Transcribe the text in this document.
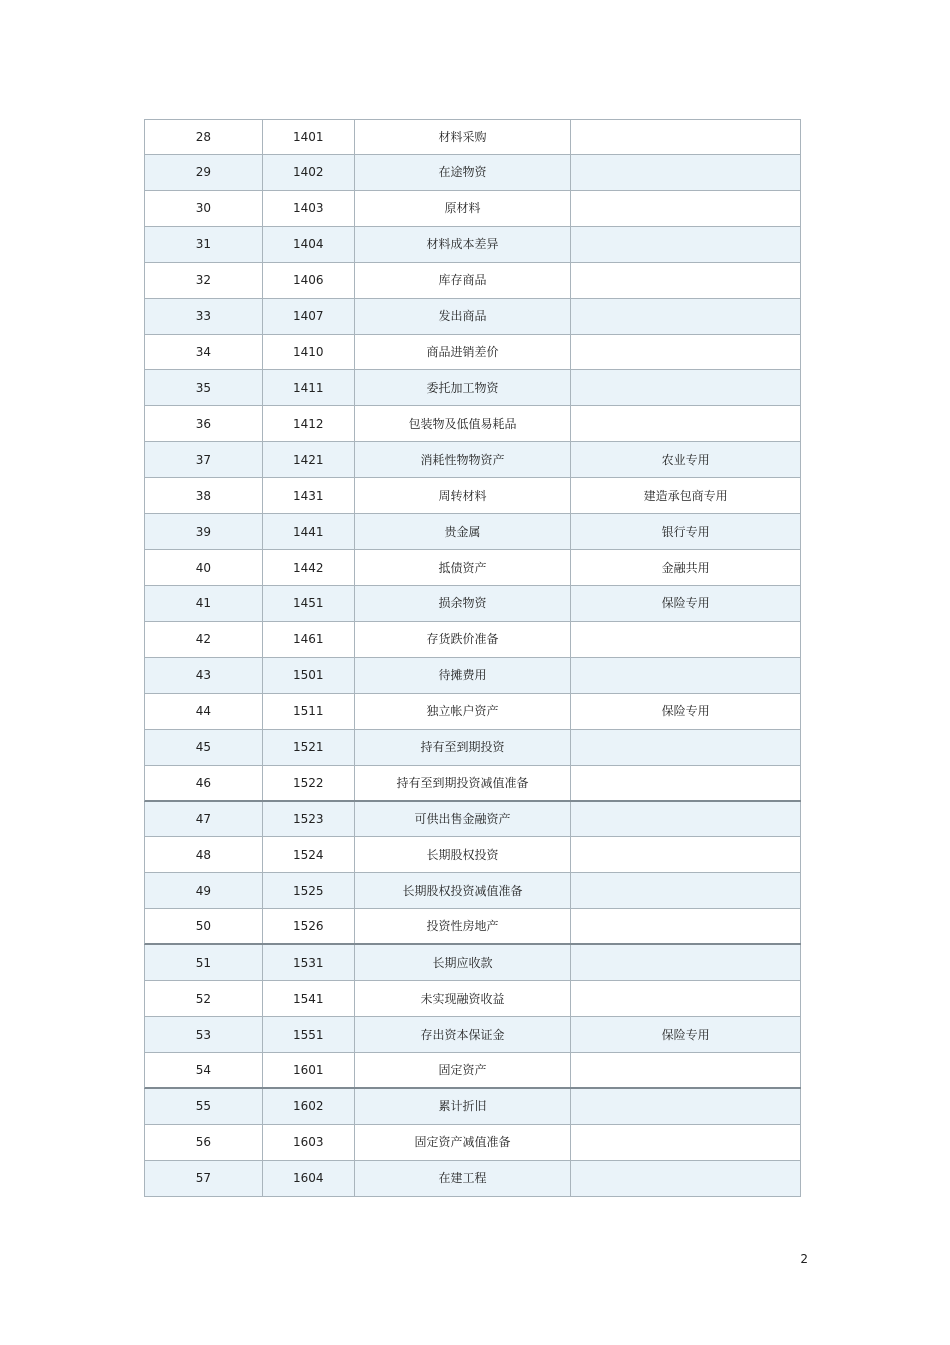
28	1401	材料采购
29	1402	在途物资
30	1403	原材料
31	1404	材料成本差异
32	1406	库存商品
33	1407	发出商品
34	1410	商品进销差价
35	1411	委托加工物资
36	1412	包装物及低值易耗品
37	1421	消耗性物物资产	农业专用
38	1431	周转材料	建造承包商专用
39	1441	贵金属	银行专用
40	1442	抵债资产	金融共用
41	1451	损余物资	保险专用
42	1461	存货跌价准备
43	1501	待摊费用
44	1511	独立帐户资产	保险专用
45	1521	持有至到期投资
46	1522	持有至到期投资减值准备
47	1523	可供出售金融资产
48	1524	长期股权投资
49	1525	长期股权投资减值准备
50	1526	投资性房地产
51	1531	长期应收款
52	1541	未实现融资收益
53	1551	存出资本保证金	保险专用
54	1601	固定资产
55	1602	累计折旧
56	1603	固定资产减值准备
57	1604	在建工程
2
